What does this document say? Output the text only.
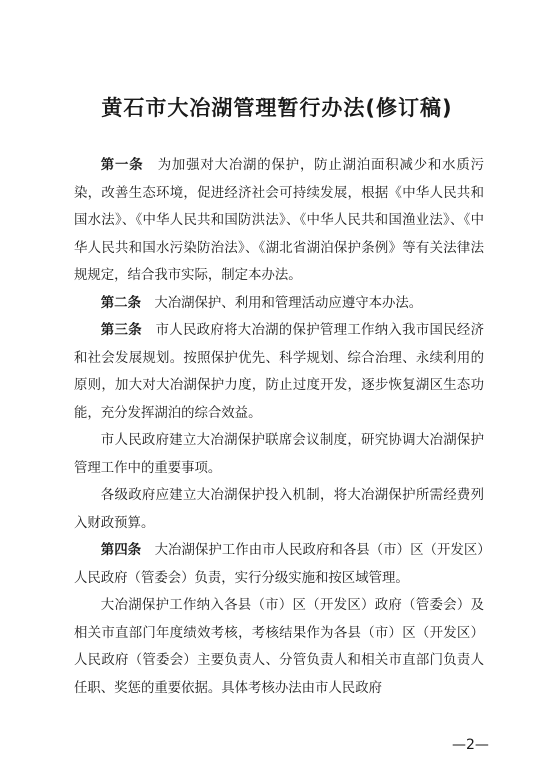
黄石市大冶湖管理暂行办法(修订稿)

第一条　 为加强对大冶湖的保护，防止湖泊面积减少和水质污染，改善生态环境，促进经济社会可持续发展，根据《中华人民共和国水法》、《中华人民共和国防洪法》、《中华人民共和国渔业法》、《中华人民共和国水污染防治法》、《湖北省湖泊保护条例》等有关法律法规规定，结合我市实际，制定本办法。

第二条　 大冶湖保护、利用和管理活动应遵守本办法。

第三条　 市人民政府将大冶湖的保护管理工作纳入我市国民经济和社会发展规划。按照保护优先、科学规划、综合治理、永续利用的原则，加大对大冶湖保护力度，防止过度开发，逐步恢复湖区生态功能，充分发挥湖泊的综合效益。

市人民政府建立大冶湖保护联席会议制度，研究协调大冶湖保护管理工作中的重要事项。

各级政府应建立大冶湖保护投入机制，将大冶湖保护所需经费列入财政预算。

第四条　 大冶湖保护工作由市人民政府和各县（市）区（开发区）人民政府（管委会）负责，实行分级实施和按区域管理。

大冶湖保护工作纳入各县（市）区（开发区）政府（管委会）及相关市直部门年度绩效考核，考核结果作为各县（市）区（开发区）人民政府（管委会）主要负责人、分管负责人和相关市直部门负责人任职、奖惩的重要依据。具体考核办法由市人民政府

—2—
